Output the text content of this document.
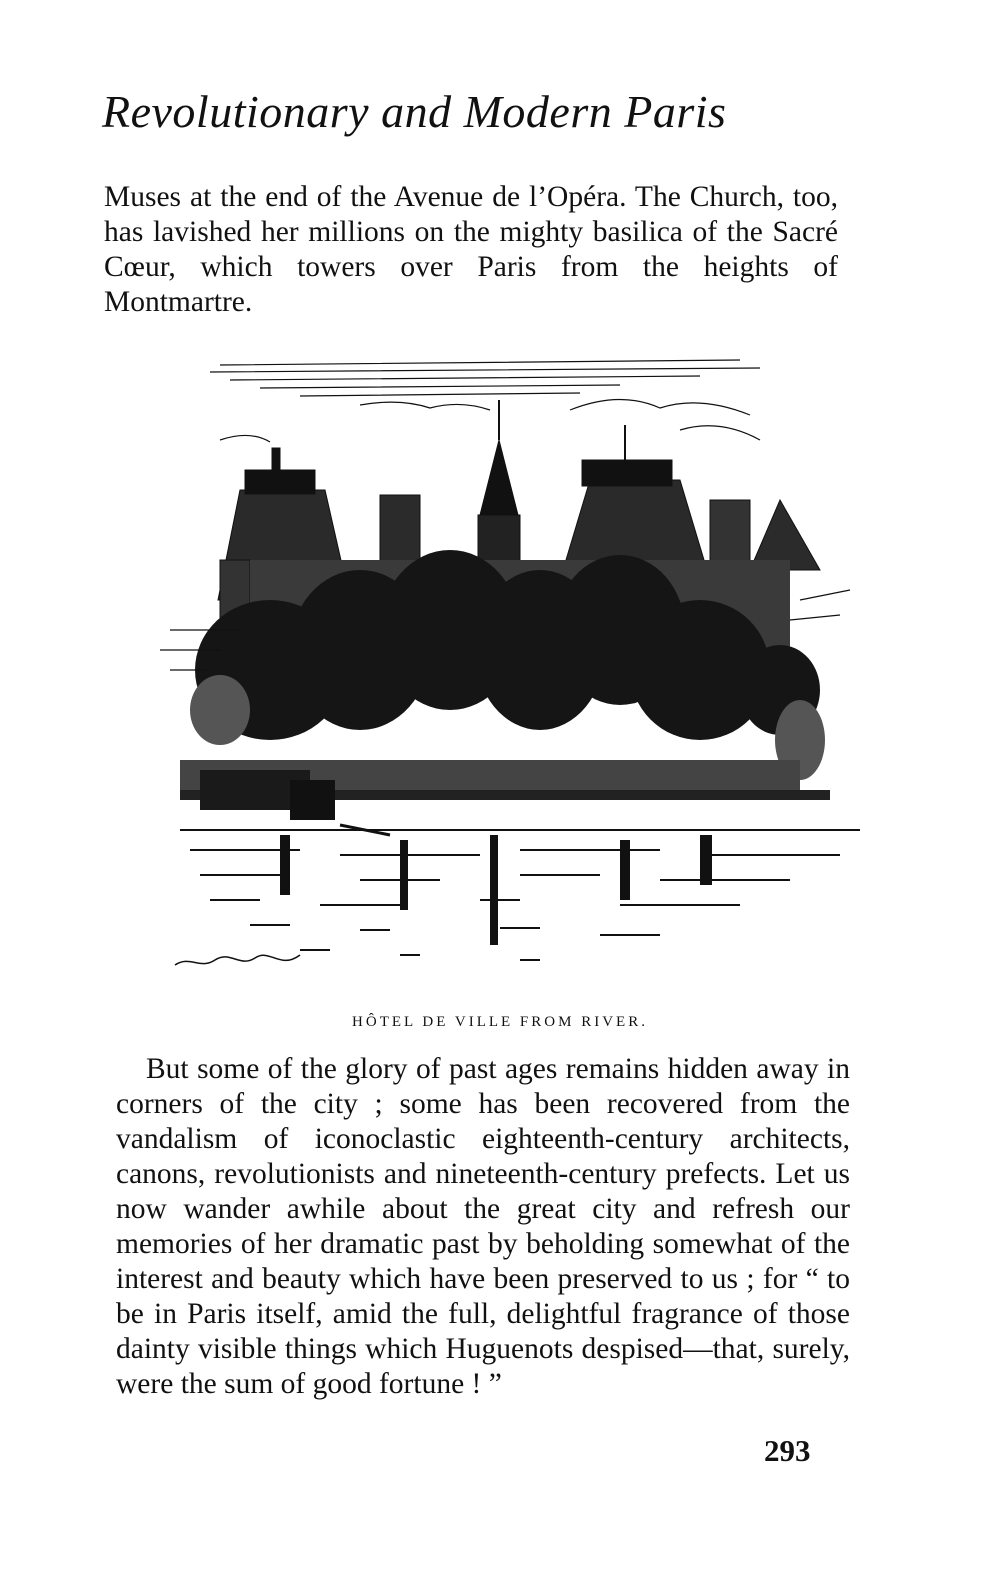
Revolutionary and Modern Paris

Muses at the end of the Avenue de l’Opéra. The Church, too, has lavished her millions on the mighty basilica of the Sacré Cœur, which towers over Paris from the heights of Montmartre.

HÔTEL DE VILLE FROM RIVER.

But some of the glory of past ages remains hidden away in corners of the city ; some has been recovered from the vandalism of iconoclastic eighteenth-century architects, canons, revolutionists and nineteenth-century prefects. Let us now wander awhile about the great city and refresh our memories of her dramatic past by beholding somewhat of the interest and beauty which have been preserved to us ; for “ to be in Paris itself, amid the full, delightful fragrance of those dainty visible things which Huguenots despised—that, surely, were the sum of good fortune ! ”

293
